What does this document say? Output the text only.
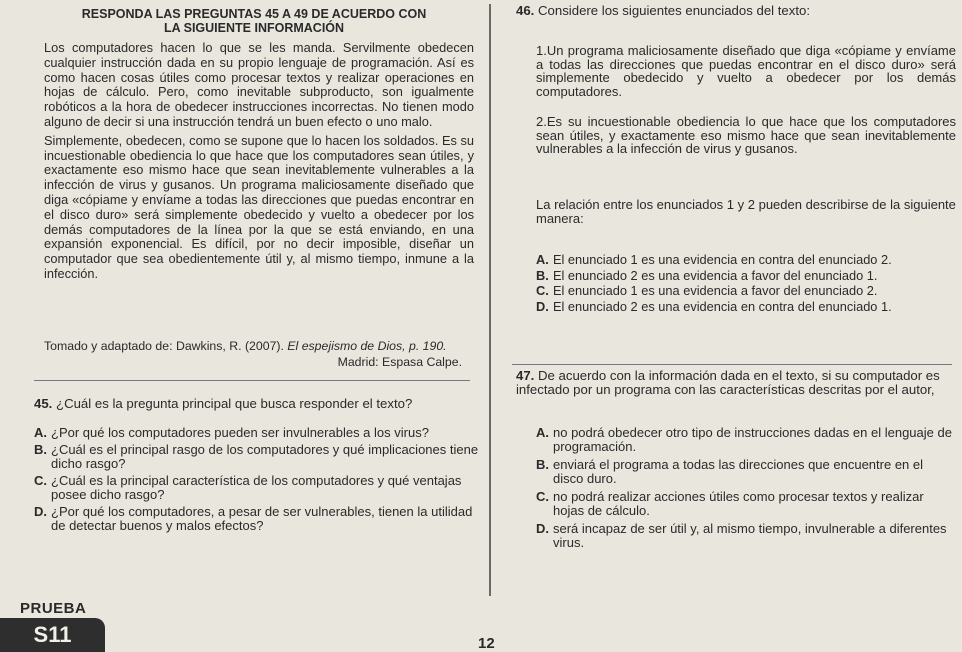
RESPONDA LAS PREGUNTAS 45 A 49 DE ACUERDO CON
LA SIGUIENTE INFORMACIÓN

Los computadores hacen lo que se les manda. Servilmente obedecen cualquier instrucción dada en su propio lenguaje de programación. Así es como hacen cosas útiles como procesar textos y realizar operaciones en hojas de cálculo. Pero, como inevitable subproducto, son igualmente robóticos a la hora de obedecer instrucciones incorrectas. No tienen modo alguno de decir si una instrucción tendrá un buen efecto o uno malo.

Simplemente, obedecen, como se supone que lo hacen los soldados. Es su incuestionable obediencia lo que hace que los computadores sean útiles, y exactamente eso mismo hace que sean inevitablemente vulnerables a la infección de virus y gusanos. Un programa maliciosamente diseñado que diga «cópiame y envíame a todas las direcciones que puedas encontrar en el disco duro» será simplemente obedecido y vuelto a obedecer por los demás computadores de la línea por la que se está enviando, en una expansión exponencial. Es difícil, por no decir imposible, diseñar un computador que sea obedientemente útil y, al mismo tiempo, inmune a la infección.

Tomado y adaptado de: Dawkins, R. (2007). El espejismo de Dios, p. 190.
Madrid: Espasa Calpe.
45. ¿Cuál es la pregunta principal que busca responder el texto?
A. ¿Por qué los computadores pueden ser invulnerables a los virus?
B. ¿Cuál es el principal rasgo de los computadores y qué implicaciones tiene dicho rasgo?
C. ¿Cuál es la principal característica de los computadores y qué ventajas posee dicho rasgo?
D. ¿Por qué los computadores, a pesar de ser vulnerables, tienen la utilidad de detectar buenos y malos efectos?
PRUEBA
S11	12
46. Considere los siguientes enunciados del texto:
1.Un programa maliciosamente diseñado que diga «cópiame y envíame a todas las direcciones que puedas encontrar en el disco duro» será simplemente obedecido y vuelto a obedecer por los demás computadores.
2.Es su incuestionable obediencia lo que hace que los computadores sean útiles, y exactamente eso mismo hace que sean inevitablemente vulnerables a la infección de virus y gusanos.
La relación entre los enunciados 1 y 2 pueden describirse de la siguiente manera:
A. El enunciado 1 es una evidencia en contra del enunciado 2.
B. El enunciado 2 es una evidencia a favor del enunciado 1.
C. El enunciado 1 es una evidencia a favor del enunciado 2.
D. El enunciado 2 es una evidencia en contra del enunciado 1.
47. De acuerdo con la información dada en el texto, si su computador es infectado por un programa con las características descritas por el autor,
A. no podrá obedecer otro tipo de instrucciones dadas en el lenguaje de programación.
B. enviará el programa a todas las direcciones que encuentre en el disco duro.
C. no podrá realizar acciones útiles como procesar textos y realizar hojas de cálculo.
D. será incapaz de ser útil y, al mismo tiempo, invulnerable a diferentes virus.
